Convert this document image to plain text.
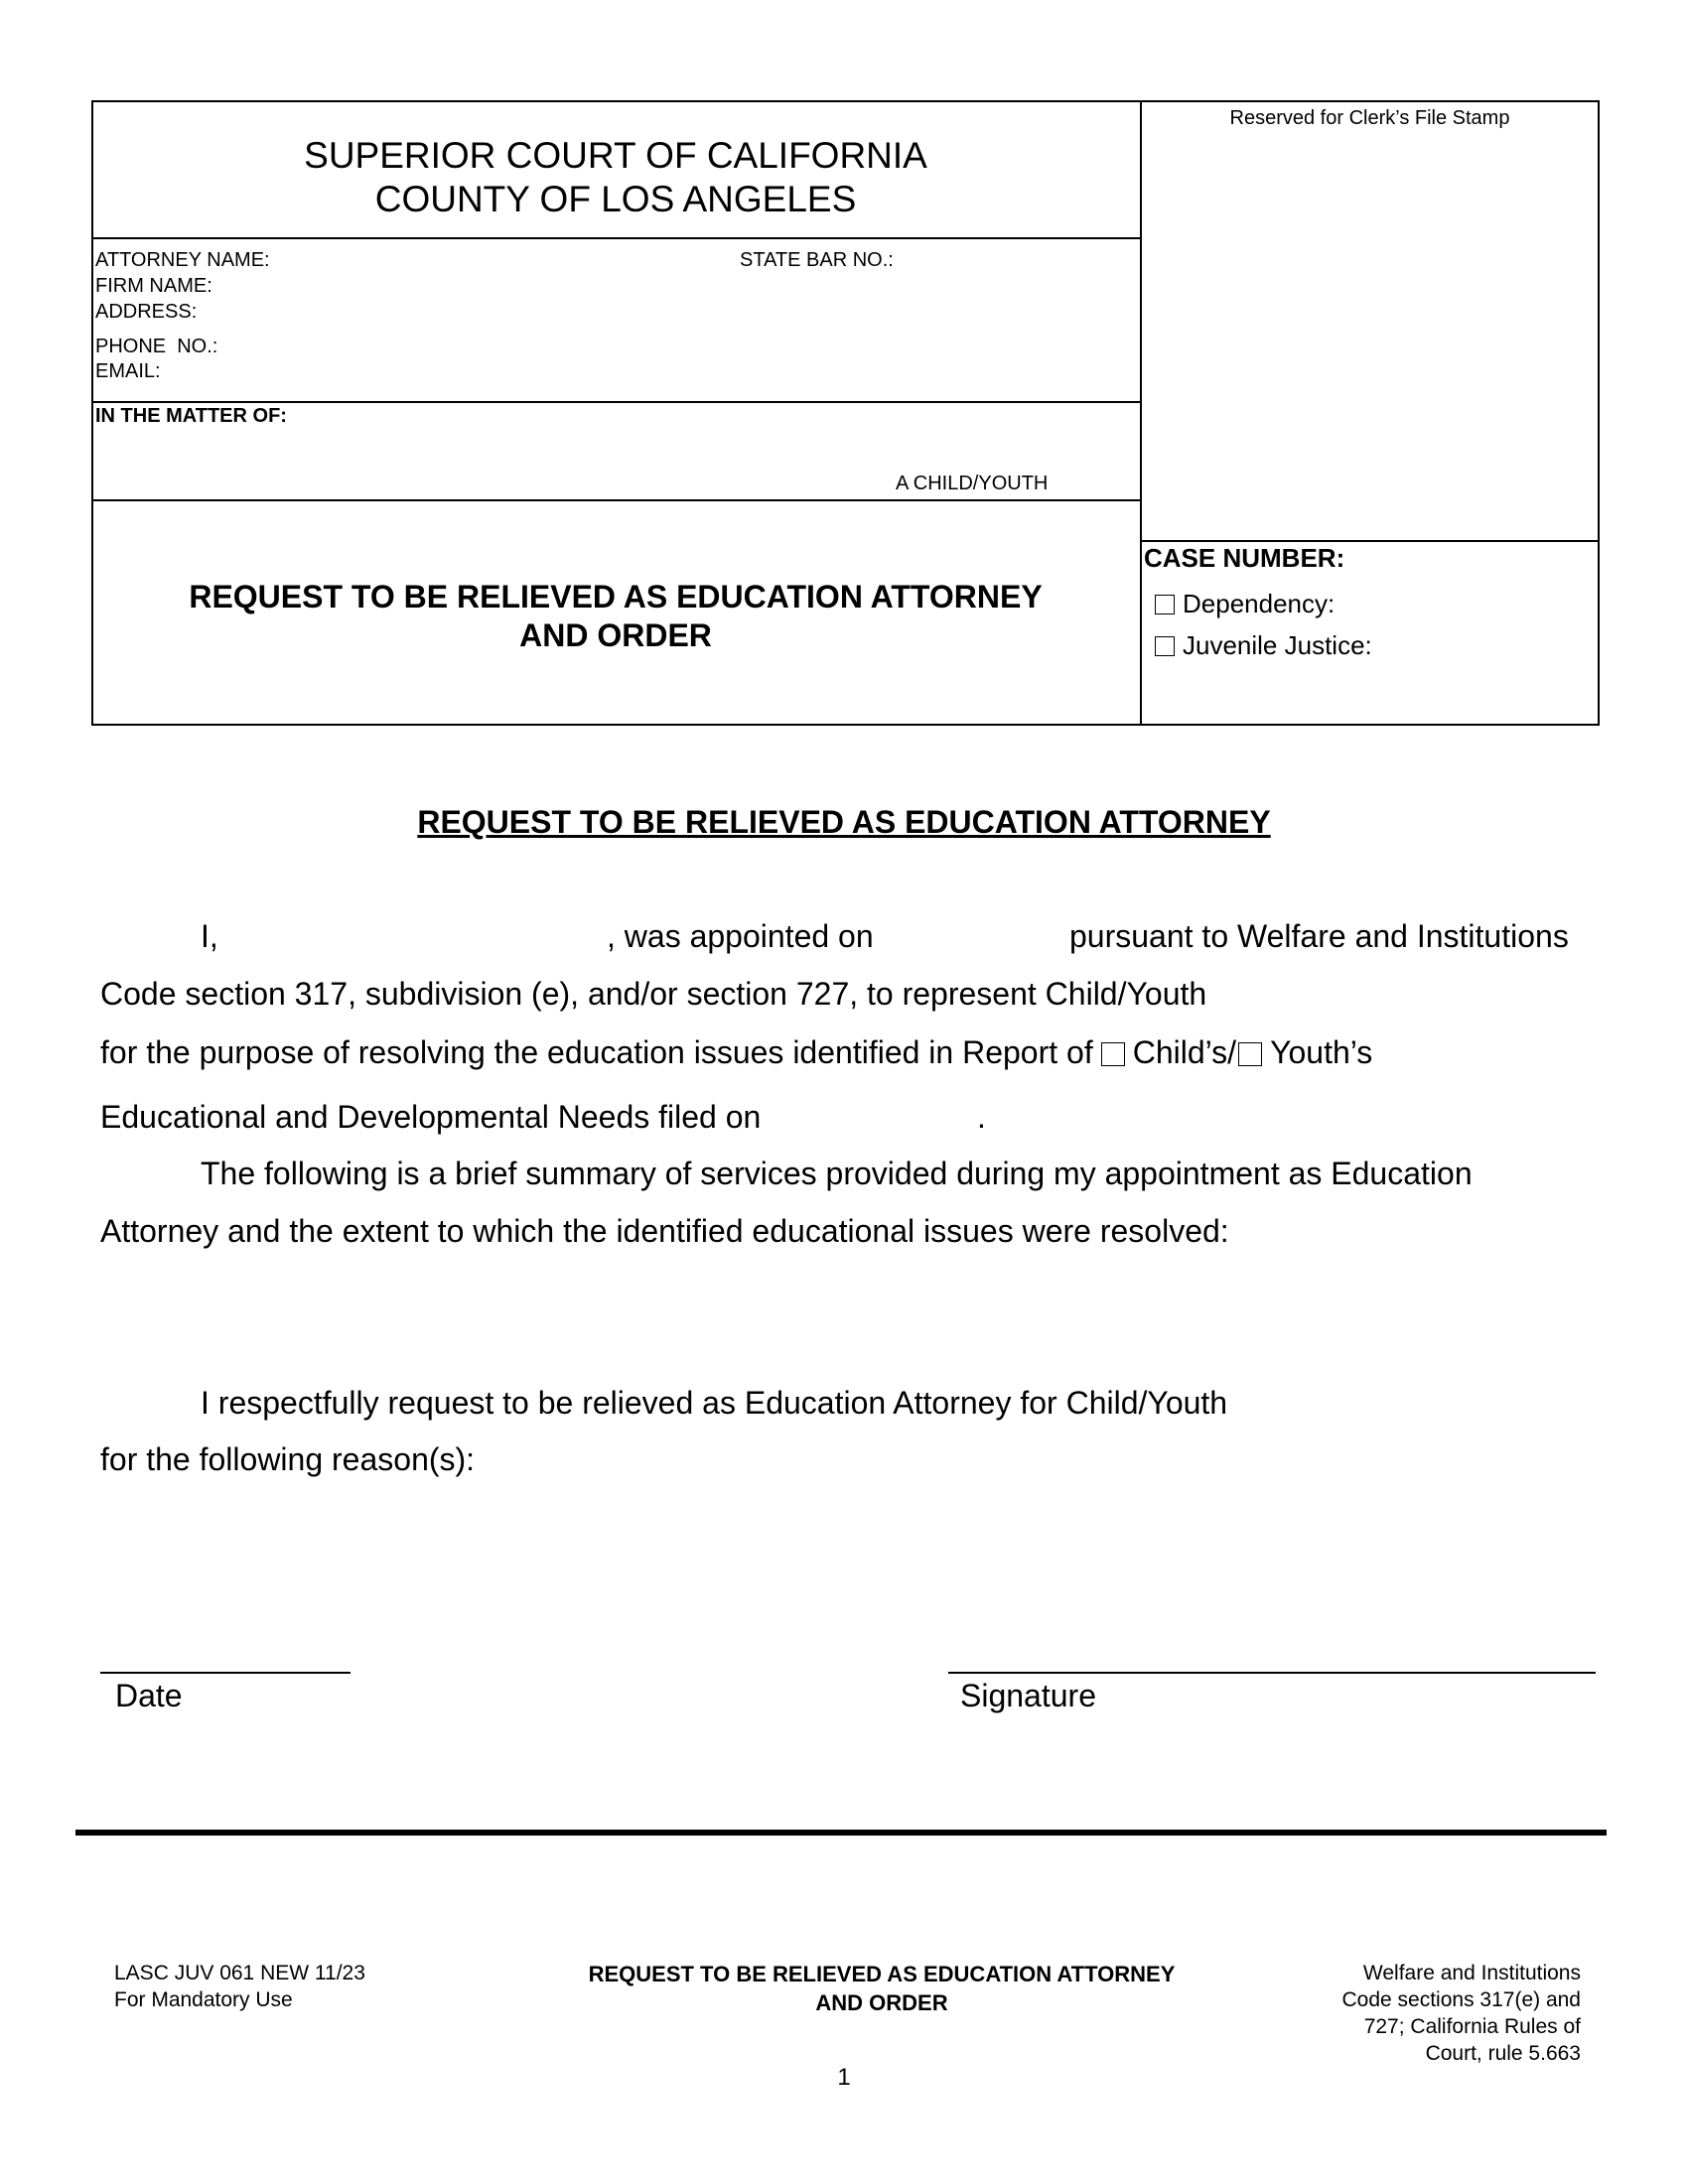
SUPERIOR COURT OF CALIFORNIA
COUNTY OF LOS ANGELES
Reserved for Clerk’s File Stamp
ATTORNEY NAME:	STATE BAR NO.:
FIRM NAME:
ADDRESS:
PHONE  NO.:
EMAIL:
IN THE MATTER OF:
A CHILD/YOUTH
REQUEST TO BE RELIEVED AS EDUCATION ATTORNEY
AND ORDER
CASE NUMBER:
Dependency:
Juvenile Justice:
REQUEST TO BE RELIEVED AS EDUCATION ATTORNEY
I,	, was appointed on	pursuant to Welfare and Institutions
Code section 317, subdivision (e), and/or section 727, to represent Child/Youth
for the purpose of resolving the education issues identified in Report of Child’s/ Youth’s
Educational and Developmental Needs filed on	.
The following is a brief summary of services provided during my appointment as Education
Attorney and the extent to which the identified educational issues were resolved:
I respectfully request to be relieved as Education Attorney for Child/Youth
for the following reason(s):
Date	Signature
LASC JUV 061 NEW 11/23
For Mandatory Use
REQUEST TO BE RELIEVED AS EDUCATION ATTORNEY
AND ORDER
Welfare and Institutions
Code sections 317(e) and
727; California Rules of
Court, rule 5.663
1
